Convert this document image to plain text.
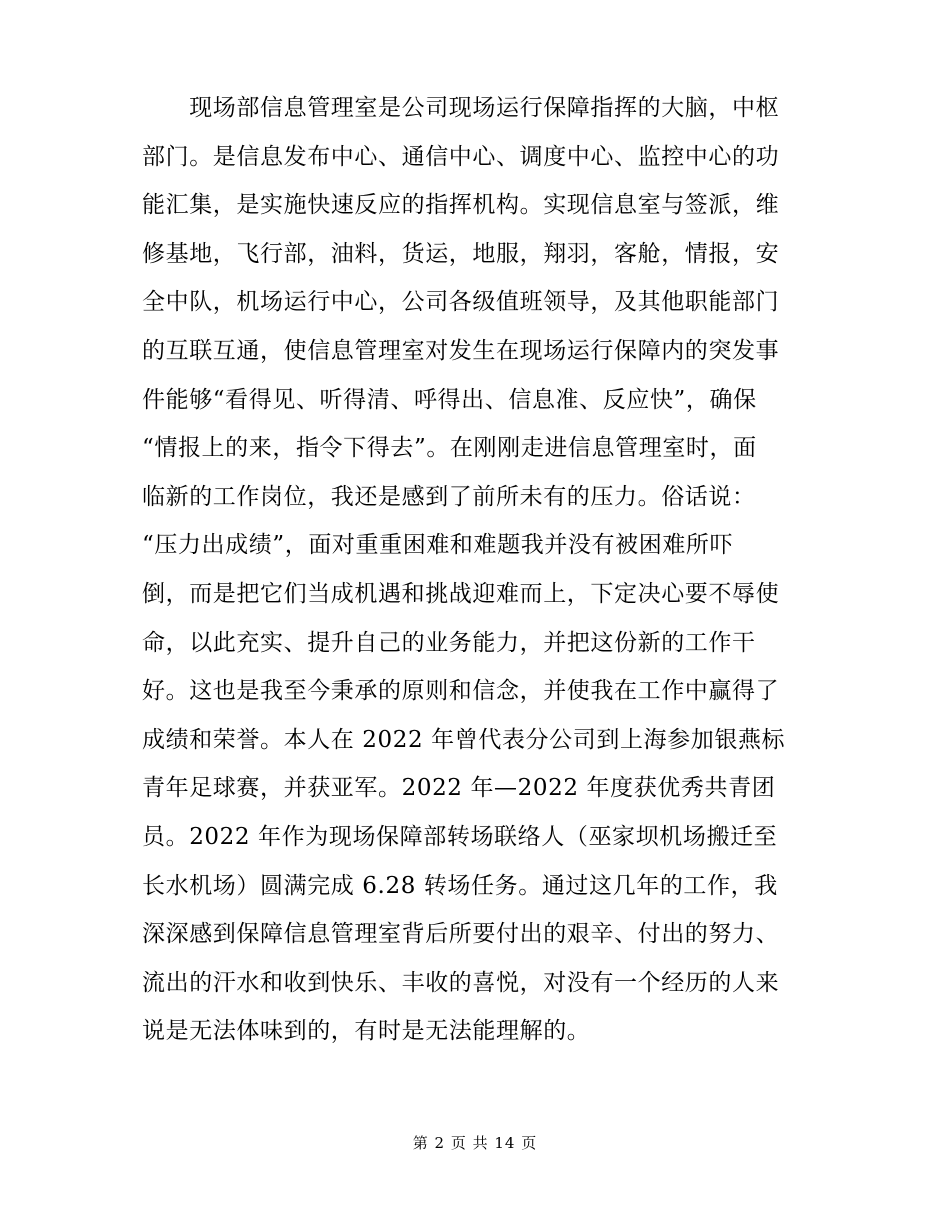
　　现场部信息管理室是公司现场运行保障指挥的大脑，中枢
部门。是信息发布中心、通信中心、调度中心、监控中心的功
能汇集，是实施快速反应的指挥机构。实现信息室与签派，维
修基地，飞行部，油料，货运，地服，翔羽，客舱，情报，安
全中队，机场运行中心，公司各级值班领导，及其他职能部门
的互联互通，使信息管理室对发生在现场运行保障内的突发事
件能够“看得见、听得清、呼得出、信息准、反应快”，确保
“情报上的来，指令下得去”。在刚刚走进信息管理室时，面
临新的工作岗位，我还是感到了前所未有的压力。俗话说：
“压力出成绩”，面对重重困难和难题我并没有被困难所吓
倒，而是把它们当成机遇和挑战迎难而上，下定决心要不辱使
命，以此充实、提升自己的业务能力，并把这份新的工作干
好。这也是我至今秉承的原则和信念，并使我在工作中赢得了
成绩和荣誉。本人在 2022 年曾代表分公司到上海参加银燕标
青年足球赛，并获亚军。2022 年—2022 年度获优秀共青团
员。2022 年作为现场保障部转场联络人（巫家坝机场搬迁至
长水机场）圆满完成 6.28 转场任务。通过这几年的工作，我
深深感到保障信息管理室背后所要付出的艰辛、付出的努力、
流出的汗水和收到快乐、丰收的喜悦，对没有一个经历的人来
说是无法体味到的，有时是无法能理解的。
第 2 页 共 14 页
